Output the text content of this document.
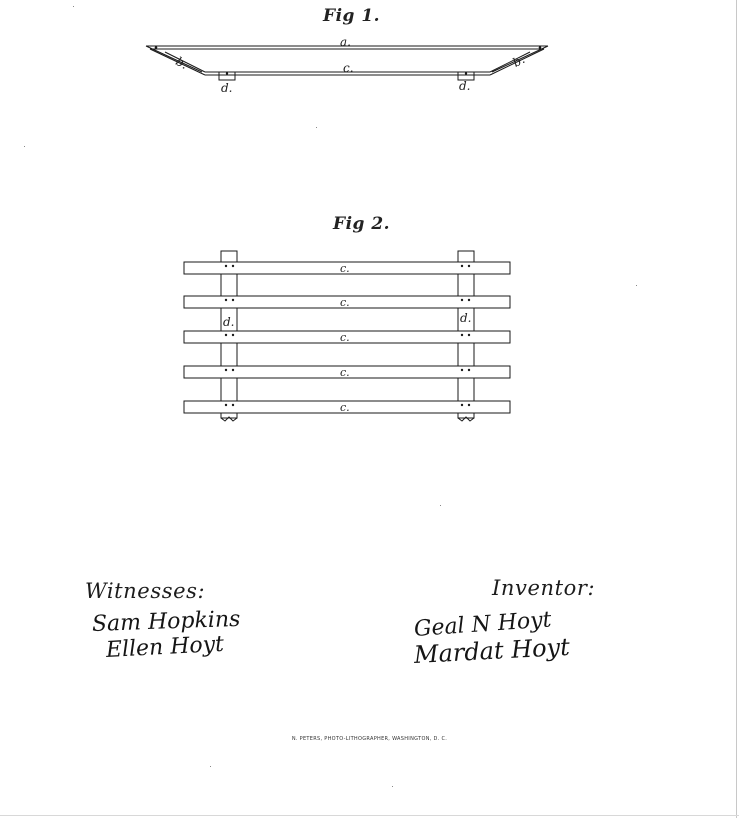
Fig 1.
a.
c.
b.	b.
d.	d.
Fig 2.
c.
c.
c.
c.
c.
d.	d.
Witnesses:
Sam Hopkins
Ellen Hoyt
Inventor:
Geal N Hoyt
Mardat Hoyt
N. PETERS, PHOTO-LITHOGRAPHER, WASHINGTON, D. C.
